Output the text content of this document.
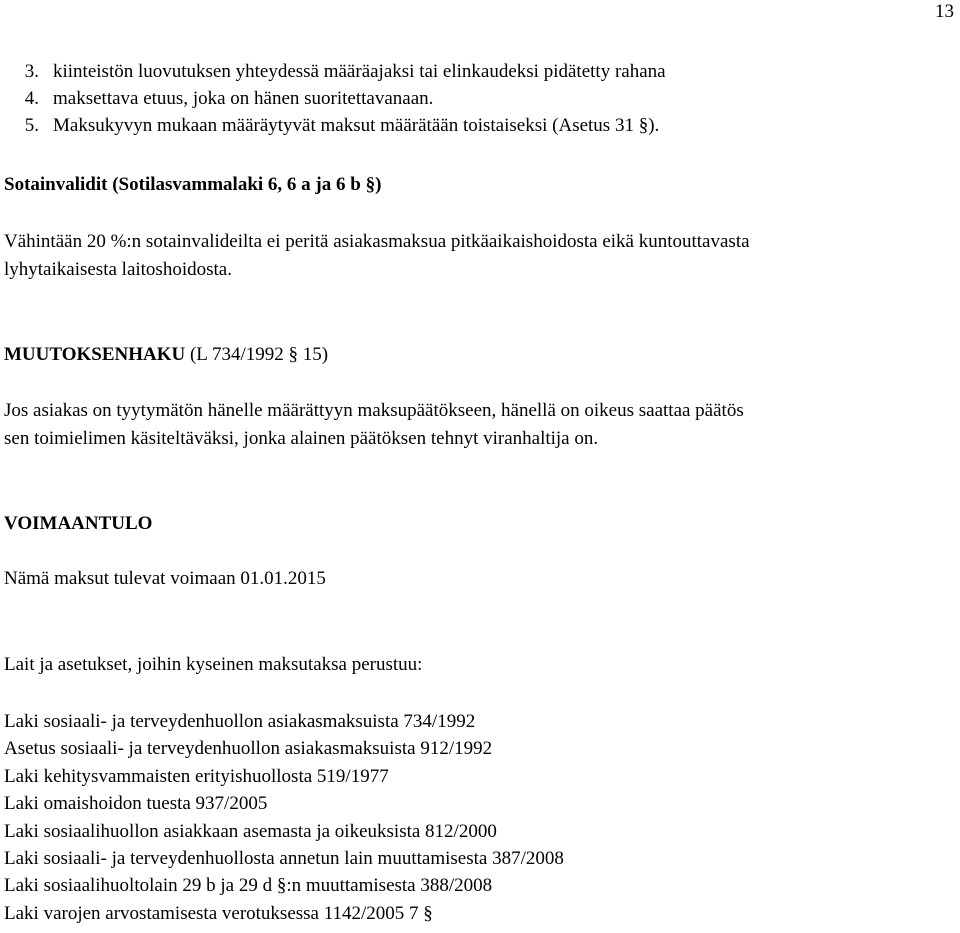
13
3. kiinteistön luovutuksen yhteydessä määräajaksi tai elinkaudeksi pidätetty rahana
4. maksettava etuus, joka on hänen suoritettavanaan.
5. Maksukyvyn mukaan määräytyvät maksut määrätään toistaiseksi (Asetus 31 §).
Sotainvalidit (Sotilasvammalaki 6, 6 a ja 6 b §)
Vähintään 20 %:n sotainvalideilta ei peritä asiakasmaksua pitkäaikaishoidosta eikä kuntouttavasta
lyhytaikaisesta laitoshoidosta.
MUUTOKSENHAKU (L 734/1992 § 15)
Jos asiakas on tyytymätön hänelle määrättyyn maksupäätökseen, hänellä on oikeus saattaa päätös
sen toimielimen käsiteltäväksi, jonka alainen päätöksen tehnyt viranhaltija on.
VOIMAANTULO
Nämä maksut tulevat voimaan 01.01.2015
Lait ja asetukset, joihin kyseinen maksutaksa perustuu:
Laki sosiaali- ja terveydenhuollon asiakasmaksuista 734/1992
Asetus sosiaali- ja terveydenhuollon asiakasmaksuista 912/1992
Laki kehitysvammaisten erityishuollosta 519/1977
Laki omaishoidon tuesta 937/2005
Laki sosiaalihuollon asiakkaan asemasta ja oikeuksista 812/2000
Laki sosiaali- ja terveydenhuollosta annetun lain muuttamisesta 387/2008
Laki sosiaalihuoltolain 29 b ja 29 d §:n muuttamisesta 388/2008
Laki varojen arvostamisesta verotuksessa 1142/2005 7 §
